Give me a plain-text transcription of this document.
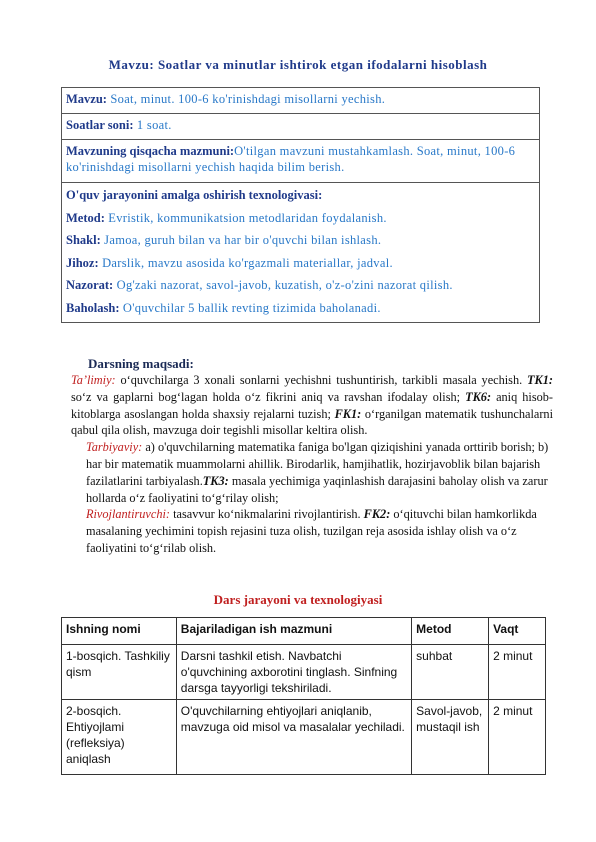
Mavzu: Soatlar va minutlar ishtirok etgan ifodalarni hisoblash
Mavzu: Soat, minut. 100-6 ko'rinishdagi misollarni yechish.
Soatlar soni: 1 soat.
Mavzuning qisqacha mazmuni:O'tilgan mavzuni mustahkamlash. Soat, minut, 100-6 ko'rinishdagi misollarni yechish haqida bilim berish.

O'quv jarayonini amalga oshirish texnologivasi:

Metod: Evristik, kommunikatsion metodlaridan foydalanish.

Shakl: Jamoa, guruh bilan va har bir o'quvchi bilan ishlash.

Jihoz: Darslik, mavzu asosida ko'rgazmali materiallar, jadval.

Nazorat: Og'zaki nazorat, savol-javob, kuzatish, o'z-o'zini nazorat qilish.

Baholash: O'quvchilar 5 ballik revting tizimida baholanadi.

Darsning maqsadi:

Ta’limiy: o‘quvchilarga 3 xonali sonlarni yechishni tushuntirish, tarkibli masala yechish. TK1: so‘z va gaplarni bog‘lagan holda o‘z fikrini aniq va ravshan ifodalay olish; TK6: aniq hisob-kitoblarga asoslangan holda shaxsiy rejalarni tuzish; FK1: o‘rganilgan matematik tushunchalarni qabul qila olish, mavzuga doir tegishli misollar keltira olish.

Tarbiyaviy: a) o'quvchilarning matematika faniga bo'lgan qiziqishini yanada orttirib borish; b) har bir matematik muammolarni ahillik. Birodarlik, hamjihatlik, hozirjavoblik bilan bajarish fazilatlarini tarbiyalash.TK3: masala yechimiga yaqinlashish darajasini baholay olish va zarur hollarda o‘z faoliyatini to‘g‘rilay olish;

Rivojlantiruvchi: tasavvur ko‘nikmalarini rivojlantirish. FK2: o‘qituvchi bilan hamkorlikda masalaning yechimini topish rejasini tuza olish, tuzilgan reja asosida ishlay olish va o‘z faoliyatini to‘g‘rilab olish.

Dars jarayoni va texnologiyasi
Ishning nomi	Bajariladigan ish mazmuni	Metod	Vaqt
1-bosqich. Tashkiliy qism	Darsni tashkil etish. Navbatchi o'quvchining axborotini tinglash. Sinfning darsga tayyorligi tekshiriladi.	suhbat	2 minut
2-bosqich. Ehtiyojlami (refleksiya) aniqlash	O'quvchilarning ehtiyojlari aniqlanib, mavzuga oid misol va masalalar yechiladi.	Savol-javob, mustaqil ish	2 minut
